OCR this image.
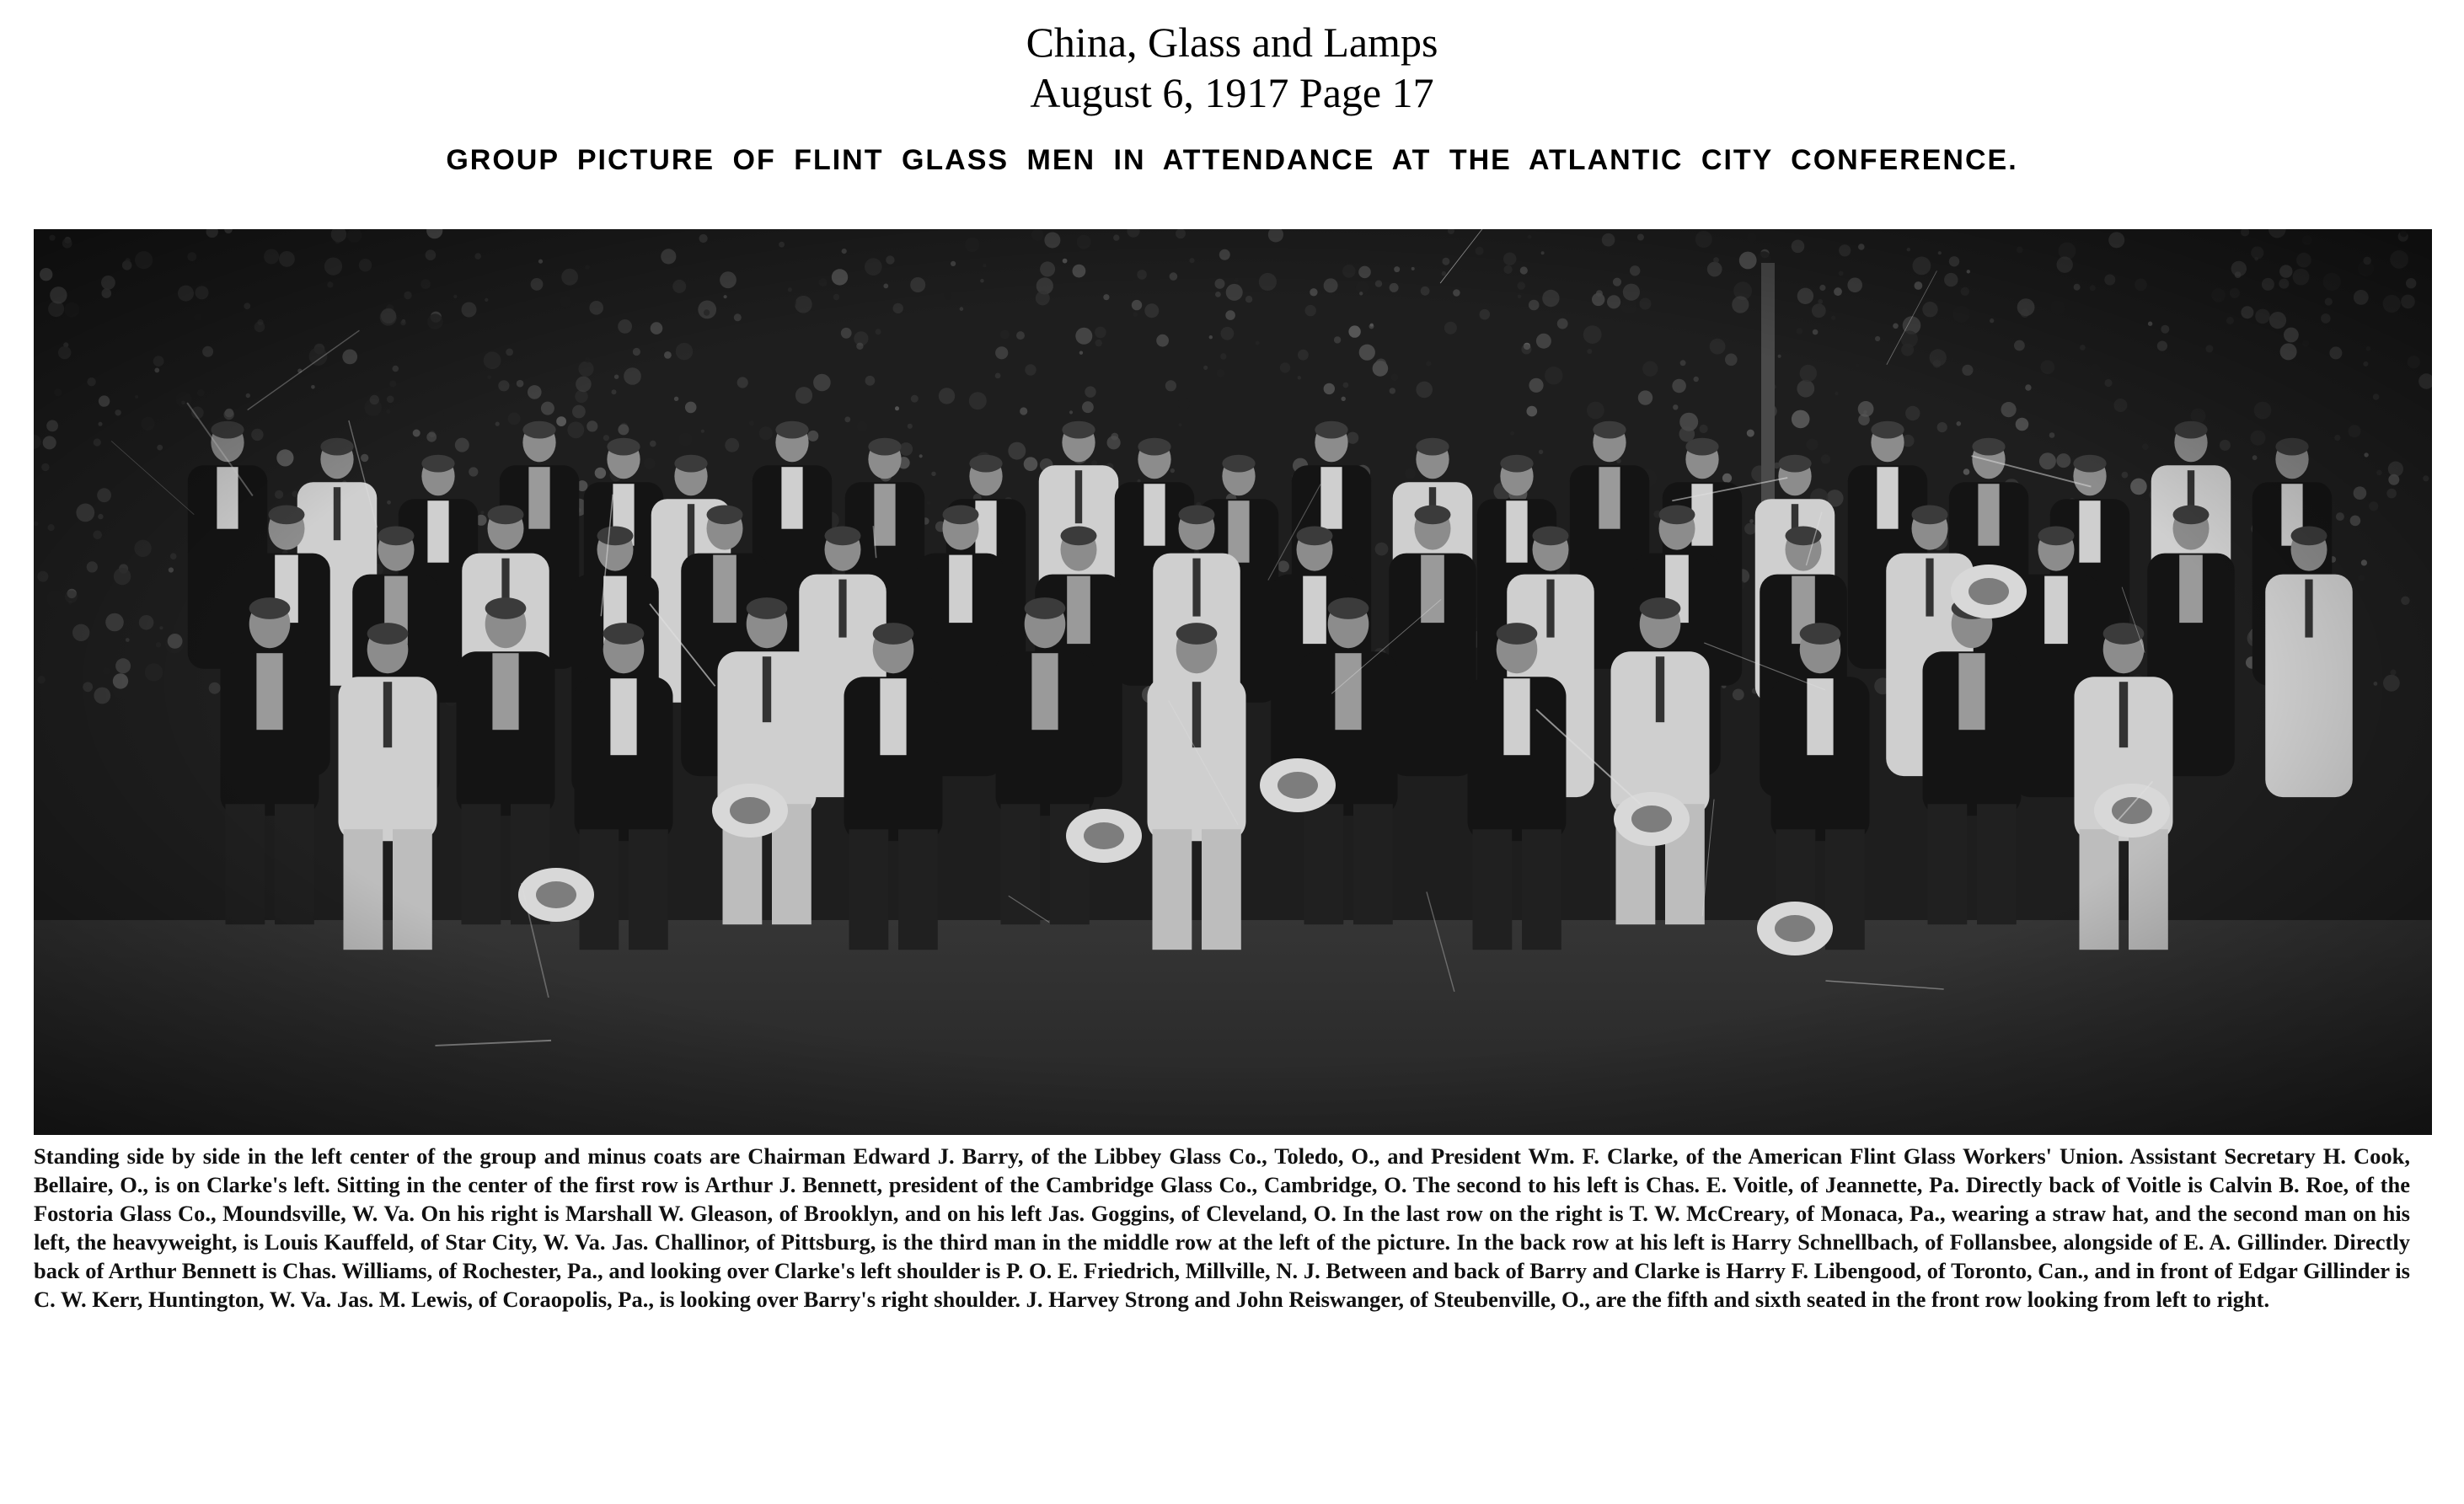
China, Glass and Lamps
August 6, 1917 Page 17
GROUP PICTURE OF FLINT GLASS MEN IN ATTENDANCE AT THE ATLANTIC CITY CONFERENCE.
Standing side by side in the left center of the group and minus coats are Chairman Edward J. Barry, of the Libbey Glass Co., Toledo, O., and President Wm. F. Clarke, of the American Flint Glass Workers' Union. Assistant Secretary H. Cook, Bellaire, O., is on Clarke's left. Sitting in the center of the first row is Arthur J. Bennett, president of the Cambridge Glass Co., Cambridge, O. The second to his left is Chas. E. Voitle, of Jeannette, Pa. Directly back of Voitle is Calvin B. Roe, of the Fostoria Glass Co., Moundsville, W. Va. On his right is Marshall W. Gleason, of Brooklyn, and on his left Jas. Goggins, of Cleveland, O. In the last row on the right is T. W. McCreary, of Monaca, Pa., wearing a straw hat, and the second man on his left, the heavyweight, is Louis Kauffeld, of Star City, W. Va. Jas. Challinor, of Pittsburg, is the third man in the middle row at the left of the picture. In the back row at his left is Harry Schnellbach, of Follansbee, alongside of E. A. Gillinder. Directly back of Arthur Bennett is Chas. Williams, of Rochester, Pa., and looking over Clarke's left shoulder is P. O. E. Friedrich, Millville, N. J. Between and back of Barry and Clarke is Harry F. Libengood, of Toronto, Can., and in front of Edgar Gillinder is C. W. Kerr, Huntington, W. Va. Jas. M. Lewis, of Coraopolis, Pa., is looking over Barry's right shoulder. J. Harvey Strong and John Reiswanger, of Steubenville, O., are the fifth and sixth seated in the front row looking from left to right.
